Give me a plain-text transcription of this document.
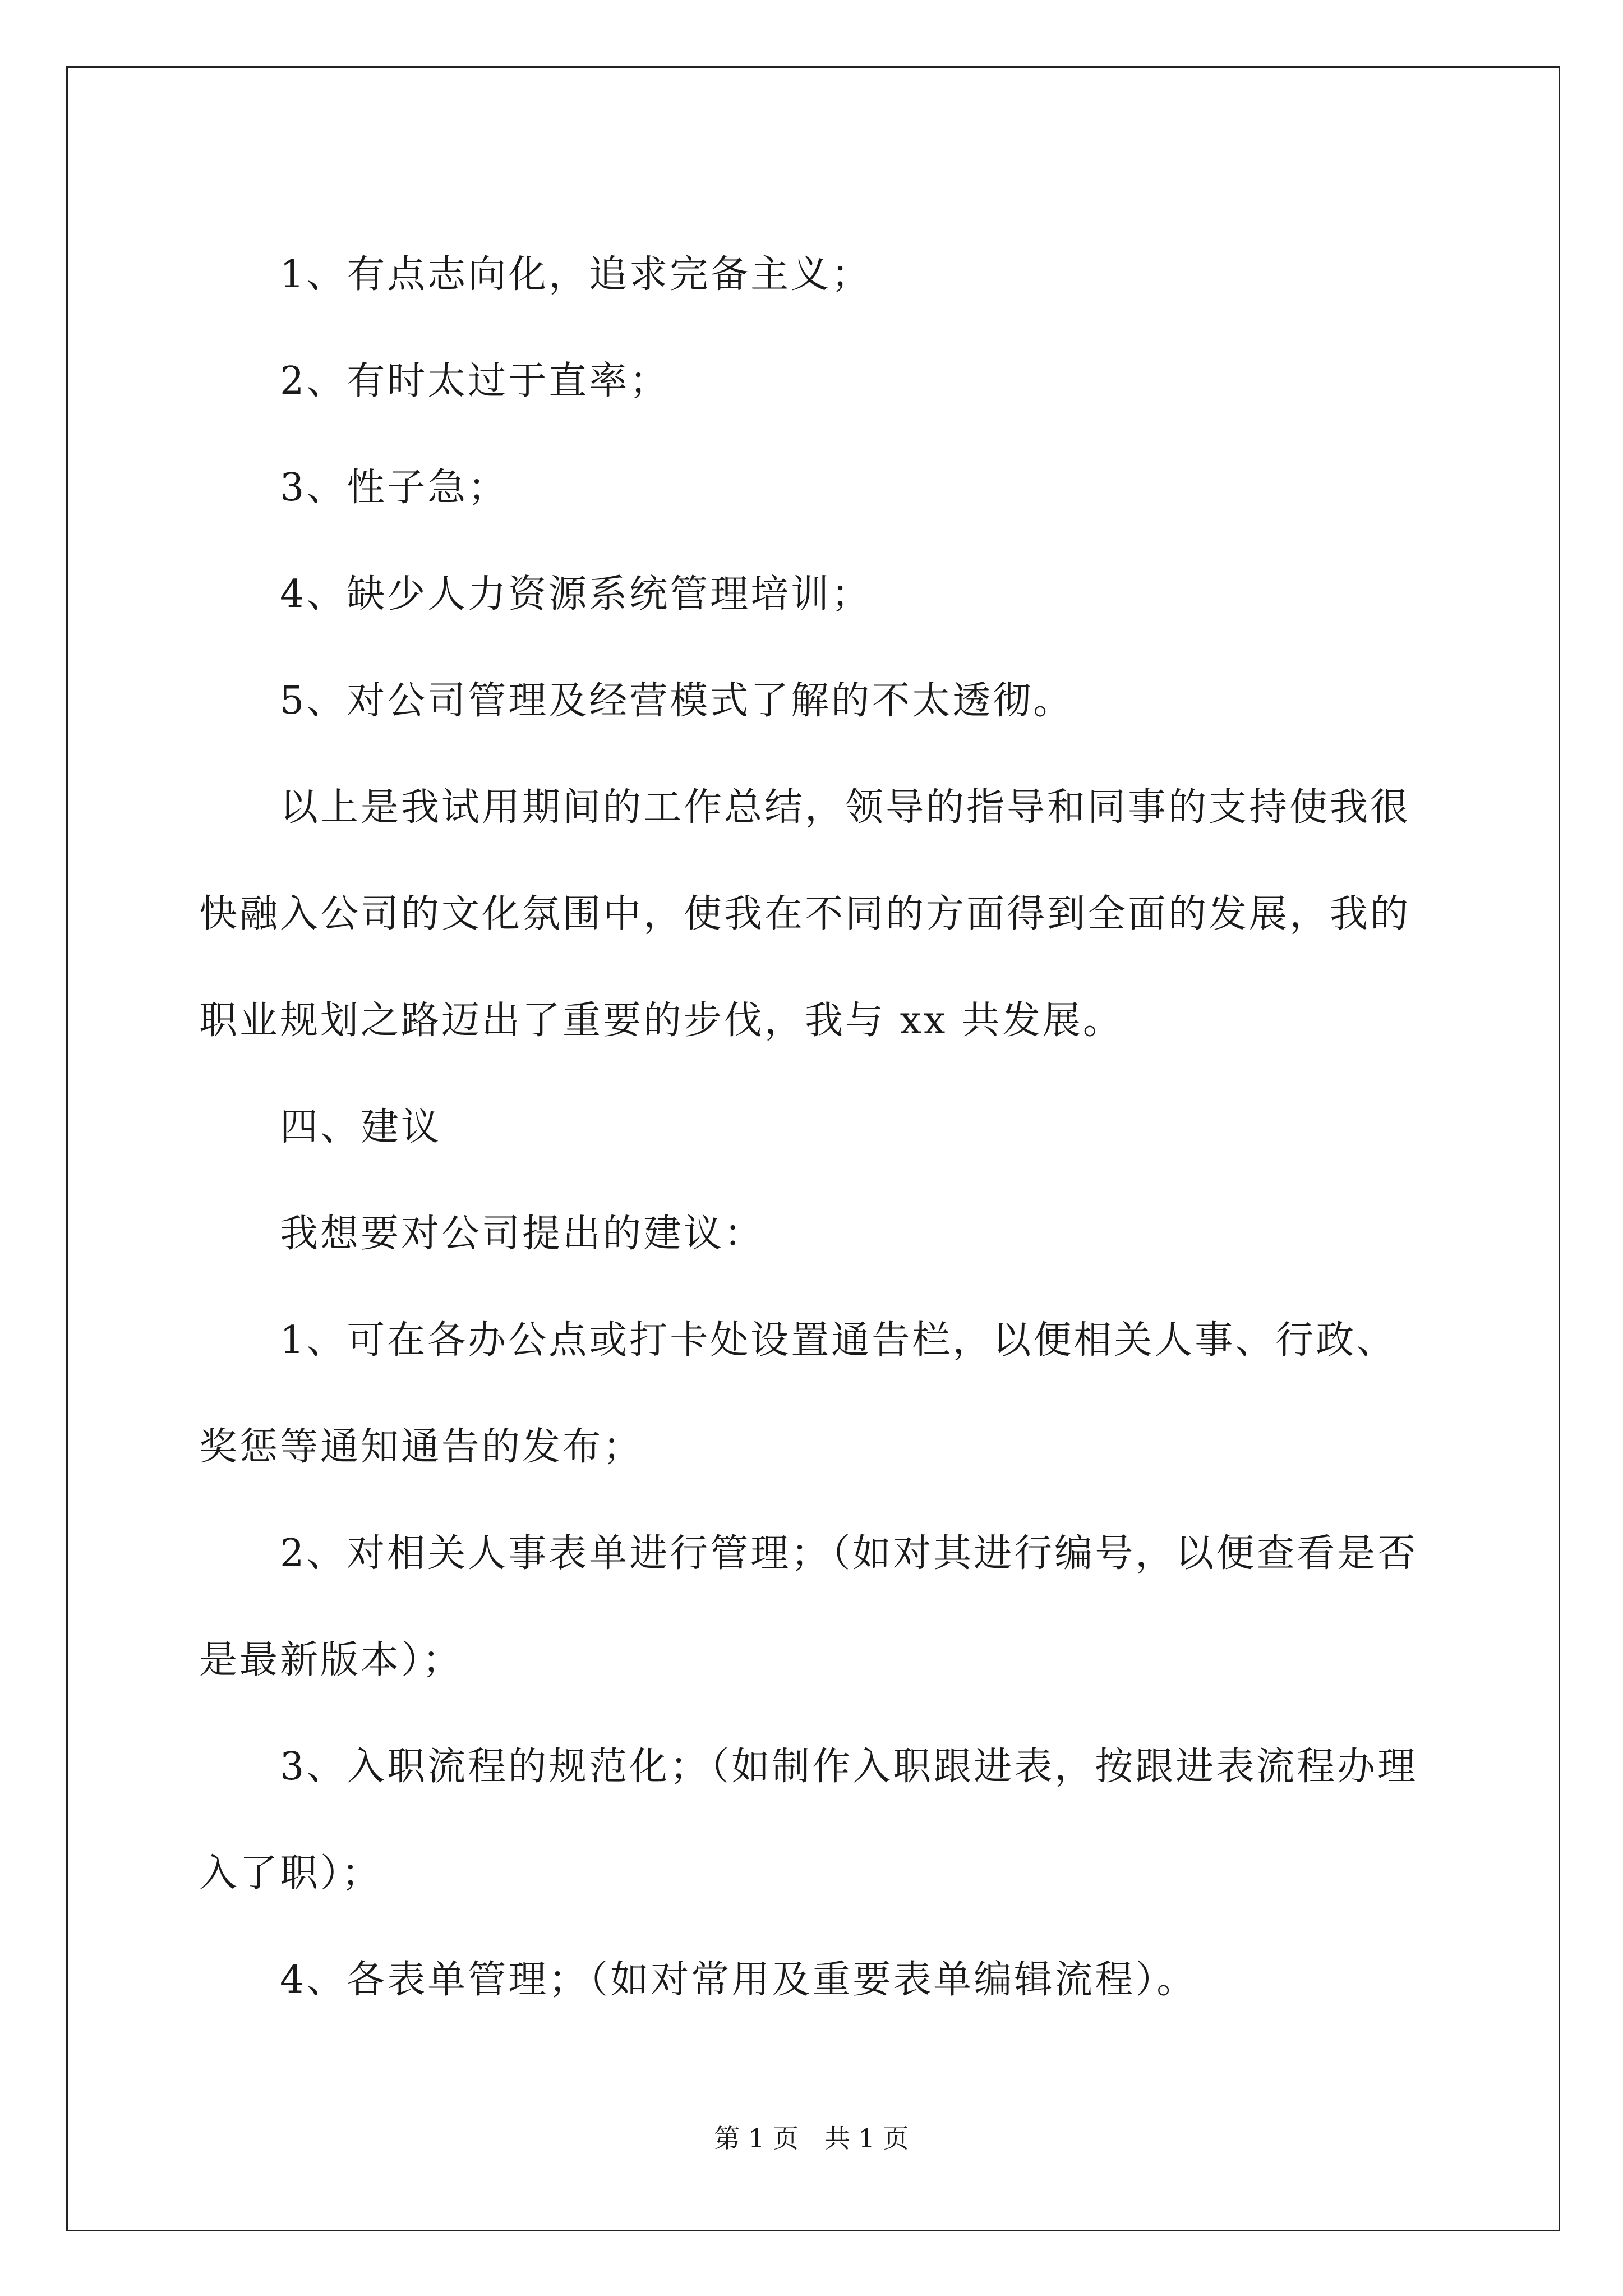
1、有点志向化，追求完备主义；

2、有时太过于直率；

3、性子急；

4、缺少人力资源系统管理培训；

5、对公司管理及经营模式了解的不太透彻。

以上是我试用期间的工作总结，领导的指导和同事的支持使我很快融入公司的文化氛围中，使我在不同的方面得到全面的发展，我的职业规划之路迈出了重要的步伐，我与 xx 共发展。

四、建议

我想要对公司提出的建议：

1、可在各办公点或打卡处设置通告栏，以便相关人事、行政、奖惩等通知通告的发布；

2、对相关人事表单进行管理；（如对其进行编号，以便查看是否是最新版本）；

3、入职流程的规范化；（如制作入职跟进表，按跟进表流程办理入了职）；

4、各表单管理；（如对常用及重要表单编辑流程）。

第 1 页　共 1 页
